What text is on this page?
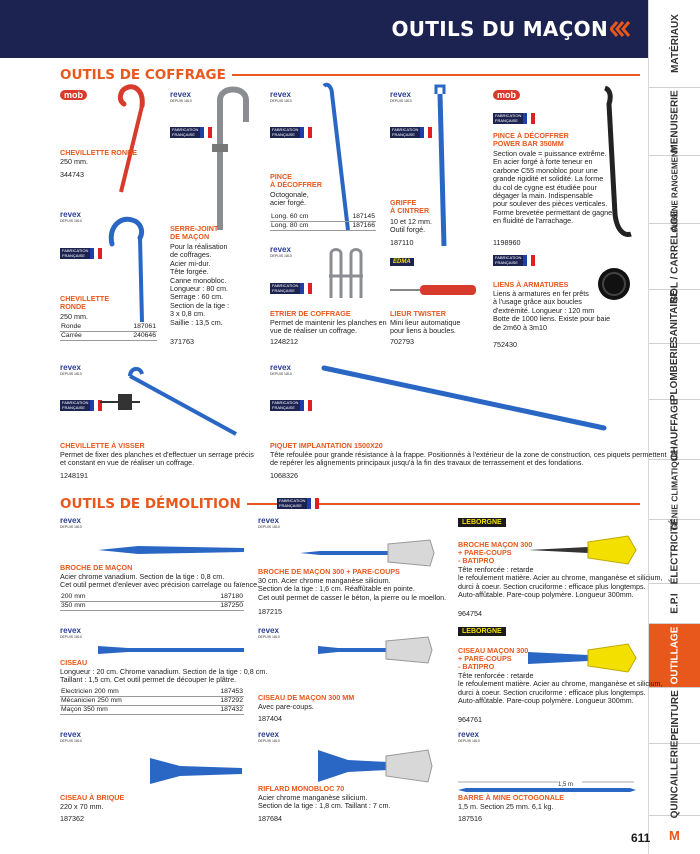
OUTILS DU MAÇON	MATÉRIAUX
MENUISERIE
CUISINE RANGEMENT
SOL / CARRELAGE
SANITAIRE
PLOMBERIE
CHAUFFAGE
GÉNIE CLIMATIQUE
ÉLECTRICITÉ
E.P.I
OUTILLAGE
PEINTURE
QUINCAILLERIE
OUTILS DE COFFRAGE
OUTILS DE DÉMOLITION
mob
CHEVILLETTE RONDE
250 mm.
344743
revex
DEPUIS 1810
FABRICATION FRANÇAISE
CHEVILLETTE
RONDE
250 mm.
Ronde	187061
Carrée	240646
revex
DEPUIS 1810
FABRICATION FRANÇAISE
SERRE-JOINT
DE MAÇON
Pour la réalisation
de coffrages.
Acier mi-dur.
Tête forgée.
Canne monobloc.
Longueur : 80 cm.
Serrage : 60 cm.
Section de la tige :
3 x 0,8 cm.
Saillie : 13,5 cm.
371763
revex
DEPUIS 1810
FABRICATION FRANÇAISE
PINCE
À DÉCOFFRER
Octogonale,
acier forgé.
Long. 60 cm	187145
Long. 80 cm	187166
revex
DEPUIS 1810
FABRICATION FRANÇAISE
GRIFFE
À CINTRER
10 et 12 mm.
Outil forgé.
187110
mob
FABRICATION FRANÇAISE
PINCE À DÉCOFFRER
POWER BAR 350MM
Section ovale = puissance extrême.
En acier forgé à forte teneur en
carbone C55 monobloc pour une
grande rigidité et solidité. La forme
du col de cygne est étudiée pour
dégager la main. Indispensable
pour soulever des pièces verticales.
Forme brevetée permettant de gagner
en fluidité de l'arrachage.
1198960
revex
DEPUIS 1810
FABRICATION FRANÇAISE
ETRIER DE COFFRAGE
Permet de maintenir les planches en
vue de réaliser un coffrage.
1248212
EDMA
LIEUR TWISTER
Mini lieur automatique
pour liens à boucles.
702793
FABRICATION FRANÇAISE
LIENS À ARMATURES
Liens à armatures en fer prêts
à l'usage grâce aux boucles
d'extrémité. Longueur : 120 mm
Botte de 1000 liens. Existe pour baie
de 2m60 à 3m10
752430
revex
DEPUIS 1810
FABRICATION FRANÇAISE
CHEVILLETTE À VISSER
Permet de fixer des planches et d'effectuer un serrage précis
et constant en vue de réaliser un coffrage.
1248191
revex
DEPUIS 1810
FABRICATION FRANÇAISE
PIQUET IMPLANTATION 1500X20
Tête refoulée pour grande résistance à la frappe. Positionnés à l'extérieur de la zone de construction, ces piquets permettent
de repérer les alignements principaux jusqu'à la fin des travaux de terrassement et des fondations.
1068326
FABRICATION FRANÇAISE
revex
DEPUIS 1810
BROCHE DE MAÇON
Acier chrome vanadium. Section de la tige : 0,8 cm.
Cet outil permet d'enlever avec précision carrelage ou faïence.
200 mm	187180
350 mm	187250
revex
DEPUIS 1810
BROCHE DE MAÇON 300 + PARE-COUPS
30 cm. Acier chrome manganèse silicium.
Section de la tige : 1,6 cm. Réaffûtable en pointe.
Cet outil permet de casser le béton, la pierre ou le moellon.
187215
LEBORGNE
BROCHE MAÇON 300
+ PARE-COUPS
- BATIPRO
Tête renforcée : retarde
le refoulement matière. Acier au chrome, manganèse et silicium,
durci à coeur. Section cruciforme : efficace plus longtemps.
Auto-affûtable. Pare-coup polymère. Longueur 300mm.
964754
revex
DEPUIS 1810
CISEAU
Longueur : 20 cm. Chrome vanadium. Section de la tige : 0,8 cm.
Taillant : 1,5 cm. Cet outil permet de découper le plâtre.
Electricien 200 mm	187453
Mécanicien 250 mm	187292
Maçon 350 mm	187432
revex
DEPUIS 1810
CISEAU DE MAÇON 300 MM
Avec pare-coups.
187404
LEBORGNE
CISEAU MAÇON 300
+ PARE-COUPS
- BATIPRO
Tête renforcée : retarde
le refoulement matière. Acier au chrome, manganèse et silicium,
durci à coeur. Section cruciforme : efficace plus longtemps.
Auto-affûtable. Pare-coup polymère. Longueur 300mm.
964761
revex
DEPUIS 1810
CISEAU À BRIQUE
220 x 70 mm.
187362
revex
DEPUIS 1810
RIFLARD MONOBLOC 70
Acier chrome manganèse silicium.
Section de la tige : 1,8 cm. Taillant : 7 cm.
187684
revex
DEPUIS 1810
1,5 m
BARRE À MINE OCTOGONALE
1,5 m. Section 25 mm. 6,1 kg.
187516
611 M
